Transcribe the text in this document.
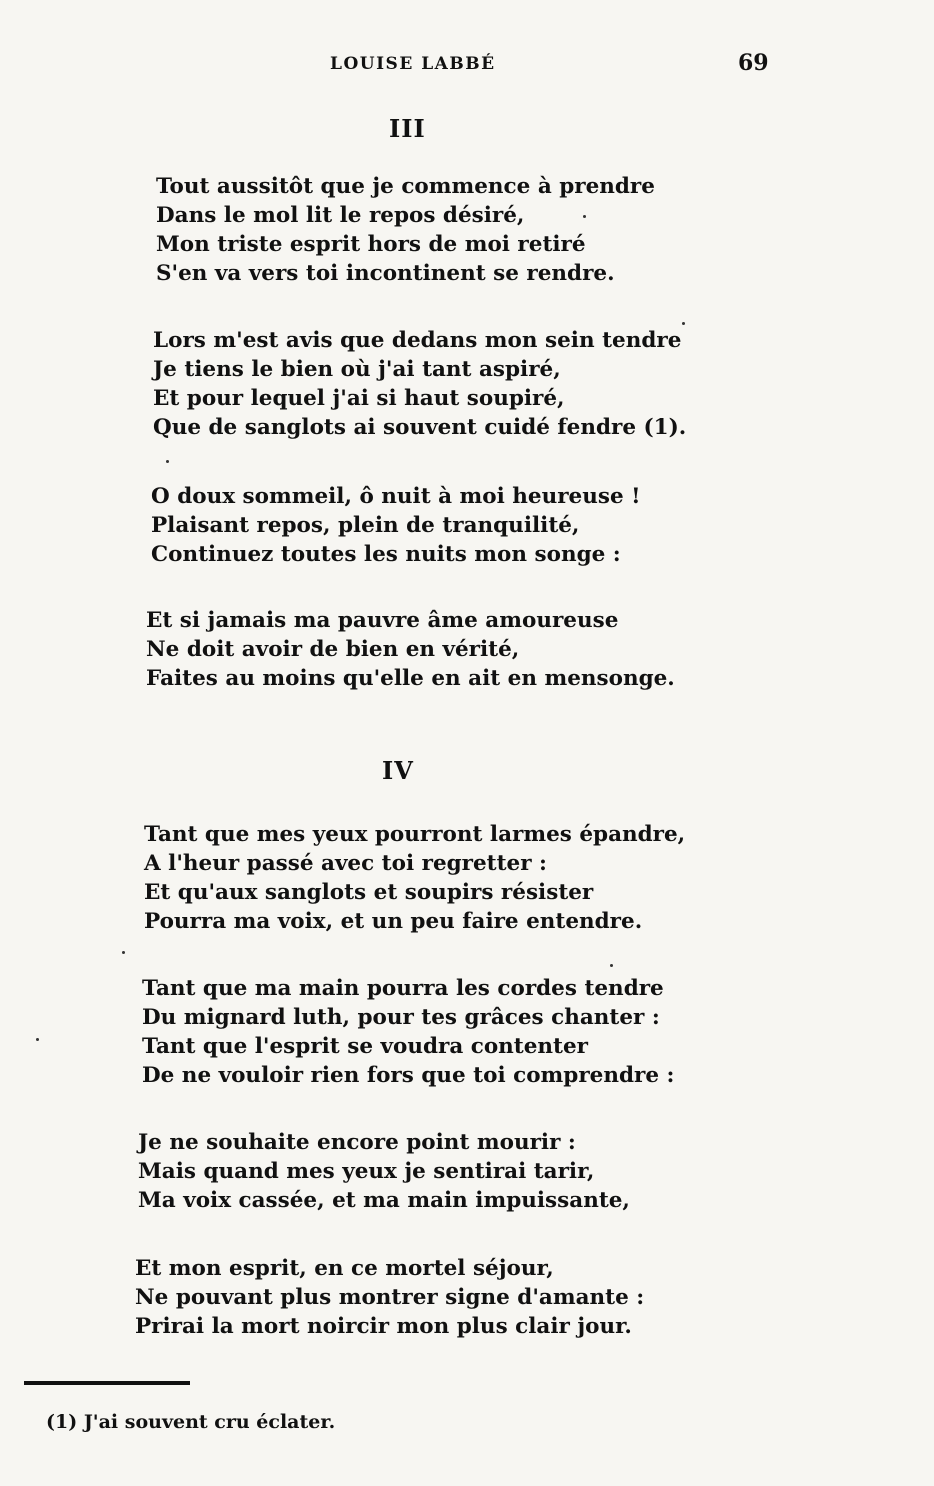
LOUISE LABBÉ	69
III
Tout aussitôt que je commence à prendre
Dans le mol lit le repos désiré,
Mon triste esprit hors de moi retiré
S'en va vers toi incontinent se rendre.
Lors m'est avis que dedans mon sein tendre
Je tiens le bien où j'ai tant aspiré,
Et pour lequel j'ai si haut soupiré,
Que de sanglots ai souvent cuidé fendre (1).
O doux sommeil, ô nuit à moi heureuse !
Plaisant repos, plein de tranquilité,
Continuez toutes les nuits mon songe :
Et si jamais ma pauvre âme amoureuse
Ne doit avoir de bien en vérité,
Faites au moins qu'elle en ait en mensonge.
IV
Tant que mes yeux pourront larmes épandre,
A l'heur passé avec toi regretter :
Et qu'aux sanglots et soupirs résister
Pourra ma voix, et un peu faire entendre.
Tant que ma main pourra les cordes tendre
Du mignard luth, pour tes grâces chanter :
Tant que l'esprit se voudra contenter
De ne vouloir rien fors que toi comprendre :
Je ne souhaite encore point mourir :
Mais quand mes yeux je sentirai tarir,
Ma voix cassée, et ma main impuissante,
Et mon esprit, en ce mortel séjour,
Ne pouvant plus montrer signe d'amante :
Prirai la mort noircir mon plus clair jour.
(1) J'ai souvent cru éclater.
